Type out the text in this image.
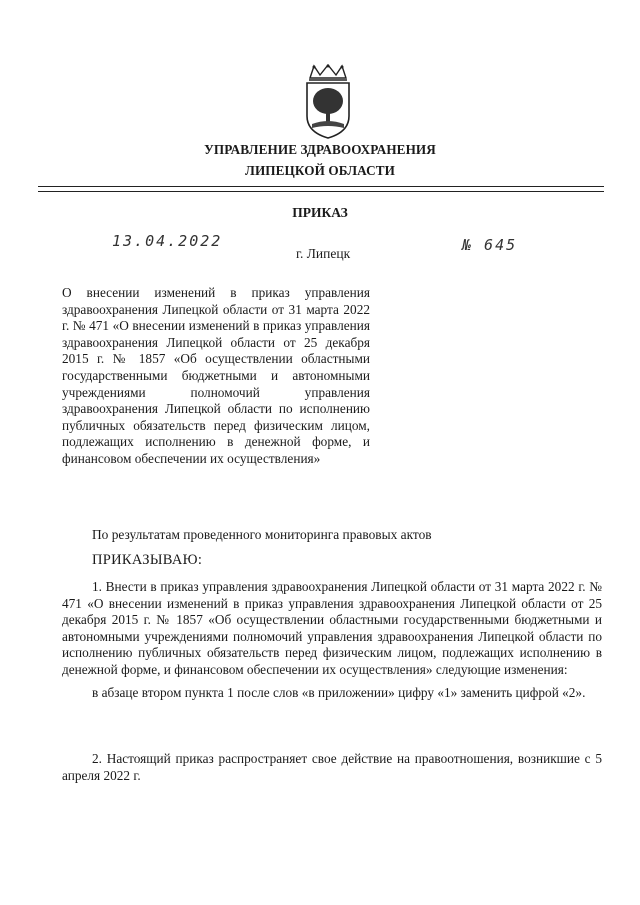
УПРАВЛЕНИЕ ЗДРАВООХРАНЕНИЯ
ЛИПЕЦКОЙ ОБЛАСТИ
ПРИКАЗ
13.04.2022
г. Липецк	№ 645
О внесении изменений в приказ управления здравоохранения Липецкой области от 31 марта 2022 г. № 471 «О внесении изменений в приказ управления здравоохранения Липецкой области от 25 декабря 2015 г. № 1857 «Об осуществлении областными государственными бюджетными и автономными учреждениями полномочий управления здравоохранения Липецкой области по исполнению публичных обязательств перед физическим лицом, подлежащих исполнению в денежной форме, и финансовом обеспечении их осуществления»
По результатам проведенного мониторинга правовых актов
ПРИКАЗЫВАЮ:
1. Внести в приказ управления здравоохранения Липецкой области от 31 марта 2022 г. № 471 «О внесении изменений в приказ управления здравоохранения Липецкой области от 25 декабря 2015 г. № 1857 «Об осуществлении областными государственными бюджетными и автономными учреждениями полномочий управления здравоохранения Липецкой области по исполнению публичных обязательств перед физическим лицом, подлежащих исполнению в денежной форме, и финансовом обеспечении их осуществления» следующие изменения:
в абзаце втором пункта 1 после слов «в приложении» цифру «1» заменить цифрой «2».
2. Настоящий приказ распространяет свое действие на правоотношения, возникшие с 5 апреля 2022 г.
